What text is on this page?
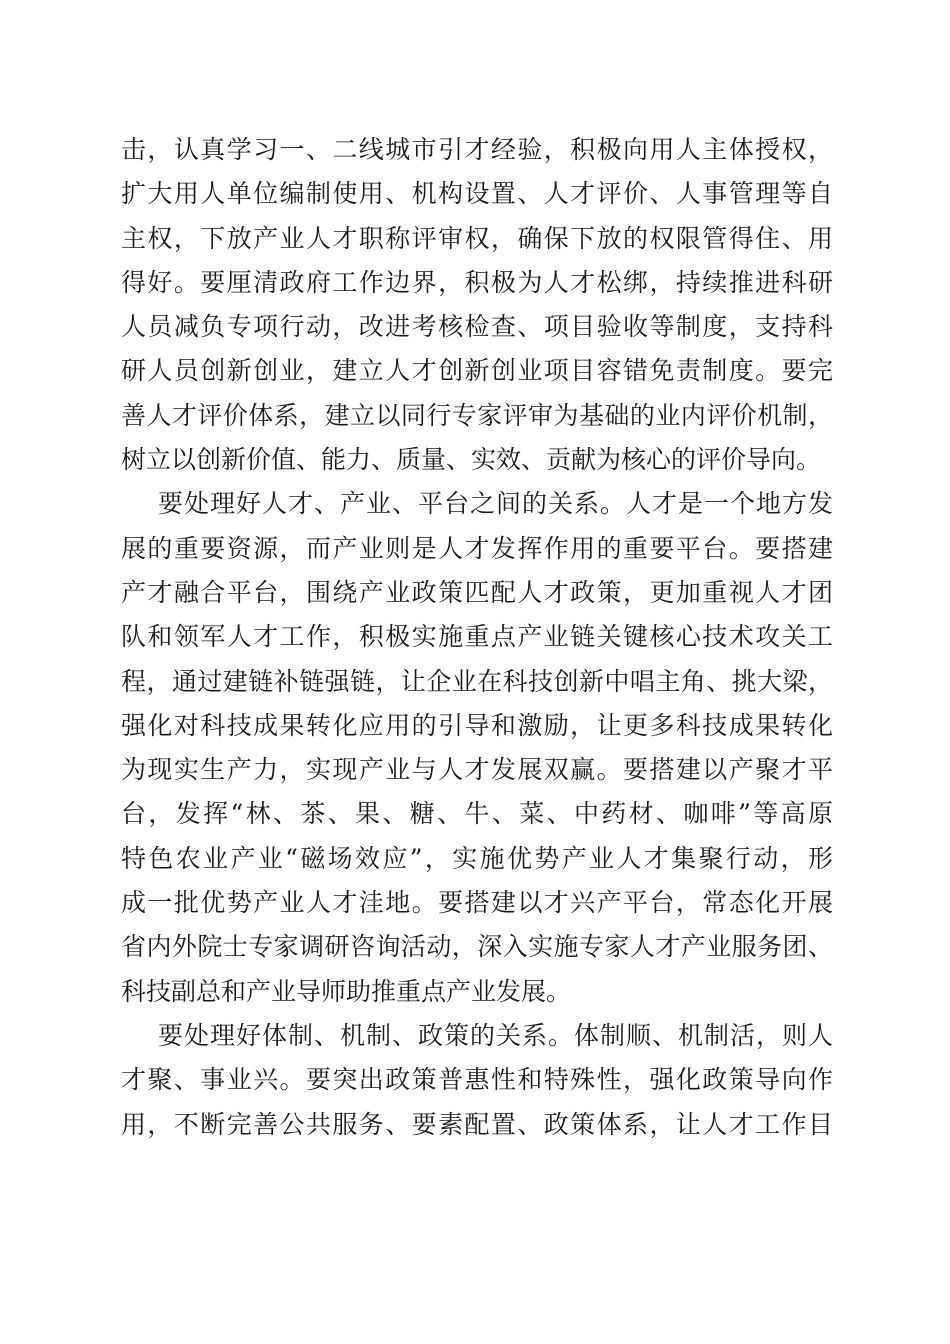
击，认真学习一、二线城市引才经验，积极向用人主体授权，
扩大用人单位编制使用、机构设置、人才评价、人事管理等自
主权，下放产业人才职称评审权，确保下放的权限管得住、用
得好。要厘清政府工作边界，积极为人才松绑，持续推进科研
人员减负专项行动，改进考核检查、项目验收等制度，支持科
研人员创新创业，建立人才创新创业项目容错免责制度。要完
善人才评价体系，建立以同行专家评审为基础的业内评价机制，
树立以创新价值、能力、质量、实效、贡献为核心的评价导向。
要处理好人才、产业、平台之间的关系。人才是一个地方发
展的重要资源，而产业则是人才发挥作用的重要平台。要搭建
产才融合平台，围绕产业政策匹配人才政策，更加重视人才团
队和领军人才工作，积极实施重点产业链关键核心技术攻关工
程，通过建链补链强链，让企业在科技创新中唱主角、挑大梁，
强化对科技成果转化应用的引导和激励，让更多科技成果转化
为现实生产力，实现产业与人才发展双赢。要搭建以产聚才平
台，发挥“林、茶、果、糖、牛、菜、中药材、咖啡”等高原
特色农业产业“磁场效应”，实施优势产业人才集聚行动，形
成一批优势产业人才洼地。要搭建以才兴产平台，常态化开展
省内外院士专家调研咨询活动，深入实施专家人才产业服务团、
科技副总和产业导师助推重点产业发展。
要处理好体制、机制、政策的关系。体制顺、机制活，则人
才聚、事业兴。要突出政策普惠性和特殊性，强化政策导向作
用，不断完善公共服务、要素配置、政策体系，让人才工作目
